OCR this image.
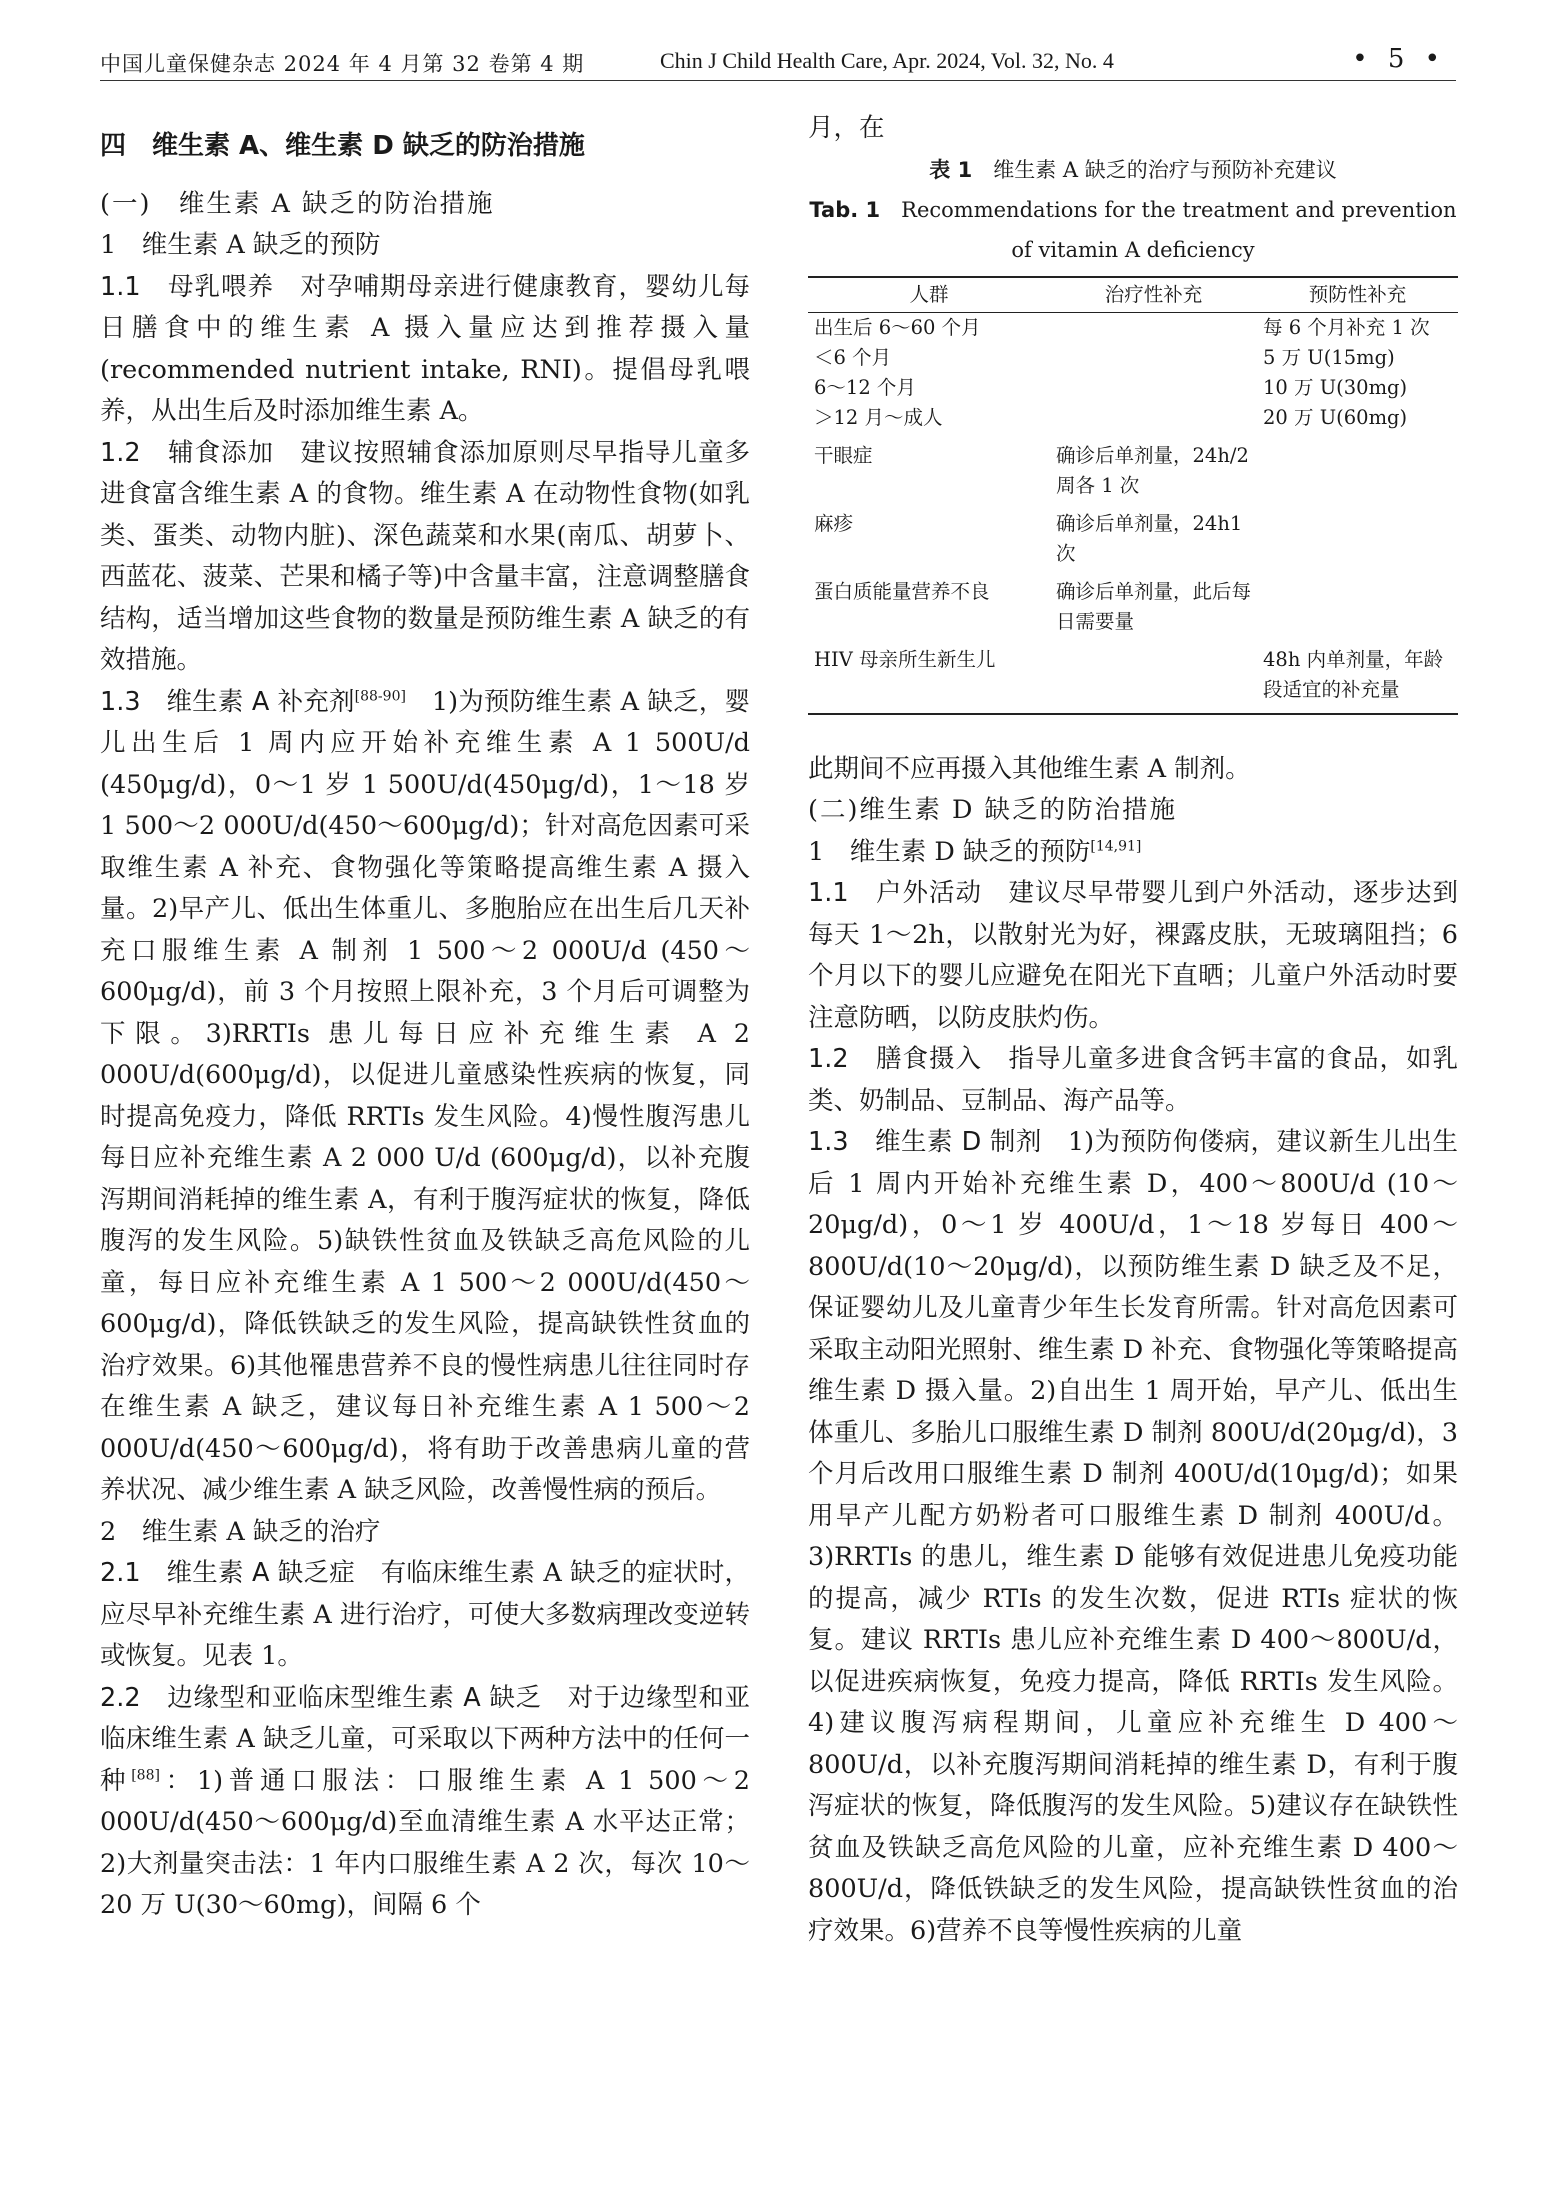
中国儿童保健杂志 2024 年 4 月第 32 卷第 4 期	Chin J Child Health Care, Apr. 2024, Vol. 32, No. 4	• 5 •

四　维生素 A、维生素 D 缺乏的防治措施

(一)　维生素 A 缺乏的防治措施

1　维生素 A 缺乏的预防

1.1　母乳喂养　对孕哺期母亲进行健康教育，婴幼儿每日膳食中的维生素 A 摄入量应达到推荐摄入量(recommended nutrient intake, RNI)。提倡母乳喂养，从出生后及时添加维生素 A。

1.2　辅食添加　建议按照辅食添加原则尽早指导儿童多进食富含维生素 A 的食物。维生素 A 在动物性食物(如乳类、蛋类、动物内脏)、深色蔬菜和水果(南瓜、胡萝卜、西蓝花、菠菜、芒果和橘子等)中含量丰富，注意调整膳食结构，适当增加这些食物的数量是预防维生素 A 缺乏的有效措施。

1.3　维生素 A 补充剂[88-90]　1)为预防维生素 A 缺乏，婴儿出生后 1 周内应开始补充维生素 A 1 500U/d (450μg/d)，0～1 岁 1 500U/d(450μg/d)，1～18 岁 1 500～2 000U/d(450～600μg/d)；针对高危因素可采取维生素 A 补充、食物强化等策略提高维生素 A 摄入量。2)早产儿、低出生体重儿、多胞胎应在出生后几天补充口服维生素 A 制剂 1 500～2 000U/d (450～600μg/d)，前 3 个月按照上限补充，3 个月后可调整为下限。3)RRTIs 患儿每日应补充维生素 A 2 000U/d(600μg/d)，以促进儿童感染性疾病的恢复，同时提高免疫力，降低 RRTIs 发生风险。4)慢性腹泻患儿每日应补充维生素 A 2 000 U/d (600μg/d)，以补充腹泻期间消耗掉的维生素 A，有利于腹泻症状的恢复，降低腹泻的发生风险。5)缺铁性贫血及铁缺乏高危风险的儿童，每日应补充维生素 A 1 500～2 000U/d(450～600μg/d)，降低铁缺乏的发生风险，提高缺铁性贫血的治疗效果。6)其他罹患营养不良的慢性病患儿往往同时存在维生素 A 缺乏，建议每日补充维生素 A 1 500～2 000U/d(450～600μg/d)，将有助于改善患病儿童的营养状况、减少维生素 A 缺乏风险，改善慢性病的预后。

2　维生素 A 缺乏的治疗

2.1　维生素 A 缺乏症　有临床维生素 A 缺乏的症状时，应尽早补充维生素 A 进行治疗，可使大多数病理改变逆转或恢复。见表 1。

2.2　边缘型和亚临床型维生素 A 缺乏　对于边缘型和亚临床维生素 A 缺乏儿童，可采取以下两种方法中的任何一种[88]：1)普通口服法：口服维生素 A 1 500～2 000U/d(450～600μg/d)至血清维生素 A 水平达正常；2)大剂量突击法：1 年内口服维生素 A 2 次，每次 10～20 万 U(30～60mg)，间隔 6 个

月，在

表 1　维生素 A 缺乏的治疗与预防补充建议

Tab. 1　Recommendations for the treatment and prevention of vitamin A deficiency

人群	治疗性补充	预防性补充
出生后 6～60 个月		每 6 个月补充 1 次
＜6 个月		5 万 U(15mg)
6～12 个月		10 万 U(30mg)
＞12 月～成人		20 万 U(60mg)
干眼症	确诊后单剂量，24h/2 周各 1 次	
麻疹	确诊后单剂量，24h1 次	
蛋白质能量营养不良	确诊后单剂量，此后每日需要量	
HIV 母亲所生新生儿		48h 内单剂量，年龄段适宜的补充量

此期间不应再摄入其他维生素 A 制剂。

(二)维生素 D 缺乏的防治措施

1　维生素 D 缺乏的预防[14,91]

1.1　户外活动　建议尽早带婴儿到户外活动，逐步达到每天 1～2h，以散射光为好，裸露皮肤，无玻璃阻挡；6 个月以下的婴儿应避免在阳光下直晒；儿童户外活动时要注意防晒，以防皮肤灼伤。

1.2　膳食摄入　指导儿童多进食含钙丰富的食品，如乳类、奶制品、豆制品、海产品等。

1.3　维生素 D 制剂　1)为预防佝偻病，建议新生儿出生后 1 周内开始补充维生素 D，400～800U/d (10～20μg/d)，0～1 岁 400U/d，1～18 岁每日 400～800U/d(10～20μg/d)，以预防维生素 D 缺乏及不足，保证婴幼儿及儿童青少年生长发育所需。针对高危因素可采取主动阳光照射、维生素 D 补充、食物强化等策略提高维生素 D 摄入量。2)自出生 1 周开始，早产儿、低出生体重儿、多胎儿口服维生素 D 制剂 800U/d(20μg/d)，3 个月后改用口服维生素 D 制剂 400U/d(10μg/d)；如果用早产儿配方奶粉者可口服维生素 D 制剂 400U/d。3)RRTIs 的患儿，维生素 D 能够有效促进患儿免疫功能的提高，减少 RTIs 的发生次数，促进 RTIs 症状的恢复。建议 RRTIs 患儿应补充维生素 D 400～800U/d，以促进疾病恢复，免疫力提高，降低 RRTIs 发生风险。4)建议腹泻病程期间，儿童应补充维生 D 400～800U/d，以补充腹泻期间消耗掉的维生素 D，有利于腹泻症状的恢复，降低腹泻的发生风险。5)建议存在缺铁性贫血及铁缺乏高危风险的儿童，应补充维生素 D 400～800U/d，降低铁缺乏的发生风险，提高缺铁性贫血的治疗效果。6)营养不良等慢性疾病的儿童
